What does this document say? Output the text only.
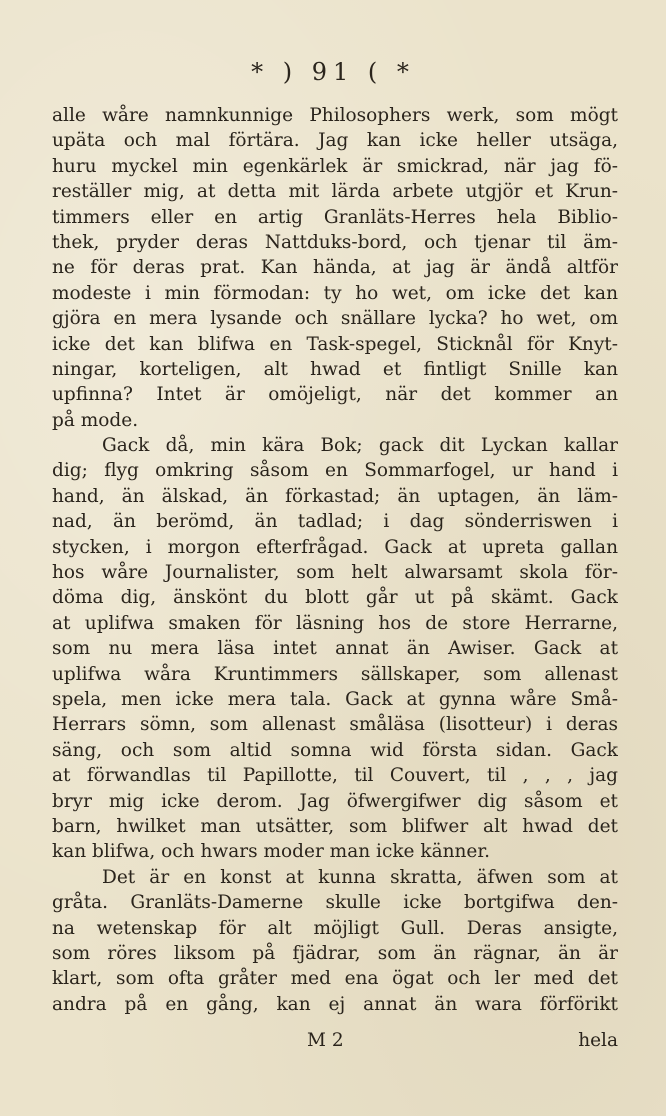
* ) 91 ( *
alle wåre namnkunnige Philosophers werk, som mögt
upäta och mal förtära. Jag kan icke heller utsäga,
huru myckel min egenkärlek är smickrad, när jag fö-
reställer mig, at detta mit lärda arbete utgjör et Krun-
timmers eller en artig Granläts-Herres hela Biblio-
thek, pryder deras Nattduks-bord, och tjenar til äm-
ne för deras prat. Kan hända, at jag är ändå altför
modeste i min förmodan: ty ho wet, om icke det kan
gjöra en mera lysande och snällare lycka? ho wet, om
icke det kan blifwa en Task-spegel, Sticknål för Knyt-
ningar, korteligen, alt hwad et fintligt Snille kan
upfinna? Intet är omöjeligt, när det kommer an
på mode.
Gack då, min kära Bok; gack dit Lyckan kallar
dig; flyg omkring såsom en Sommarfogel, ur hand i
hand, än älskad, än förkastad; än uptagen, än läm-
nad, än berömd, än tadlad; i dag sönderriswen i
stycken, i morgon efterfrågad. Gack at upreta gallan
hos wåre Journalister, som helt alwarsamt skola för-
döma dig, änskönt du blott går ut på skämt. Gack
at uplifwa smaken för läsning hos de store Herrarne,
som nu mera läsa intet annat än Awiser. Gack at
uplifwa wåra Kruntimmers sällskaper, som allenast
spela, men icke mera tala. Gack at gynna wåre Små-
Herrars sömn, som allenast småläsa (lisotteur) i deras
säng, och som altid somna wid första sidan. Gack
at förwandlas til Papillotte, til Couvert, til , , , jag
bryr mig icke derom. Jag öfwergifwer dig såsom et
barn, hwilket man utsätter, som blifwer alt hwad det
kan blifwa, och hwars moder man icke känner.
Det är en konst at kunna skratta, äfwen som at
gråta. Granläts-Damerne skulle icke bortgifwa den-
na wetenskap för alt möjligt Gull. Deras ansigte,
som röres liksom på fjädrar, som än rägnar, än är
klart, som ofta gråter med ena ögat och ler med det
andra på en gång, kan ej annat än wara förförikt
M 2	hela
